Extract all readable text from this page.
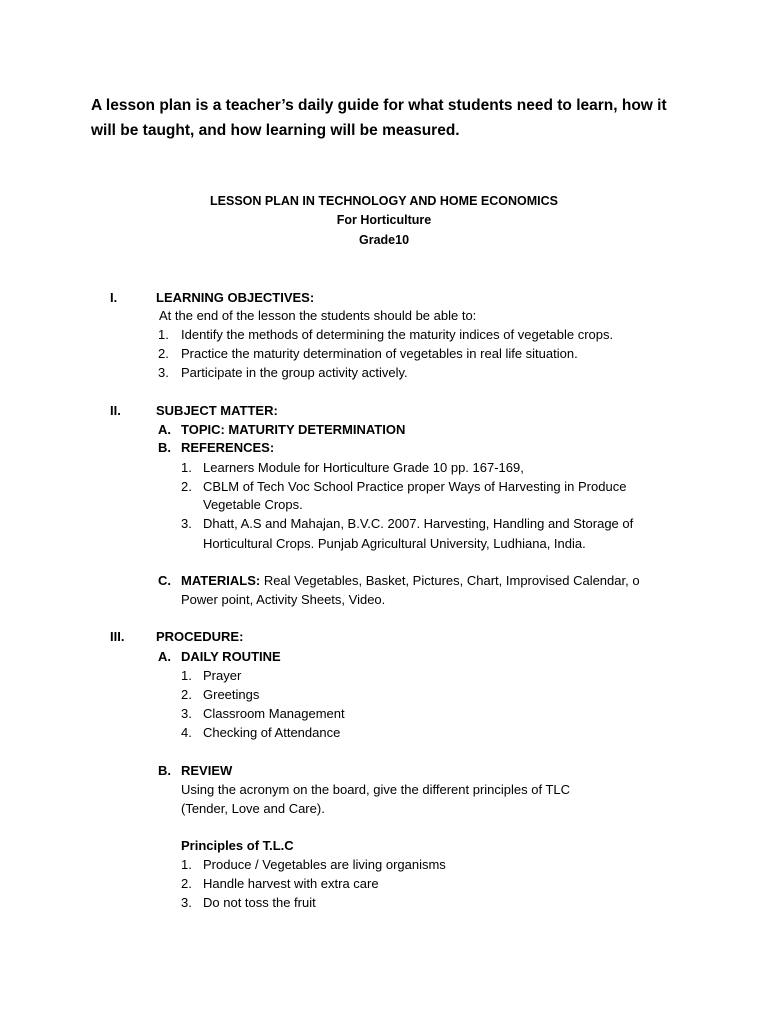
A lesson plan is a teacher’s daily guide for what students need to learn, how it will be taught, and how learning will be measured.
LESSON PLAN IN TECHNOLOGY AND HOME ECONOMICS
For Horticulture
Grade10
I.	LEARNING OBJECTIVES:
At the end of the lesson the students should be able to:
1. Identify the methods of determining the maturity indices of vegetable crops.
2. Practice the maturity determination of vegetables in real life situation.
3. Participate in the group activity actively.
II.	SUBJECT MATTER:
A. TOPIC: MATURITY DETERMINATION
B. REFERENCES:
1. Learners Module for Horticulture Grade 10 pp. 167-169,
2. CBLM of Tech Voc School Practice proper Ways of Harvesting in Produce
Vegetable Crops.
3. Dhatt, A.S and Mahajan, B.V.C. 2007. Harvesting, Handling and Storage of
Horticultural Crops. Punjab Agricultural University, Ludhiana, India.
C. MATERIALS: Real Vegetables, Basket, Pictures, Chart, Improvised Calendar, o
Power point, Activity Sheets, Video.
III. PROCEDURE:
A. DAILY ROUTINE
1. Prayer
2. Greetings
3. Classroom Management
4. Checking of Attendance
B. REVIEW
Using the acronym on the board, give the different principles of TLC
(Tender, Love and Care).
Principles of T.L.C
1. Produce / Vegetables are living organisms
2. Handle harvest with extra care
3. Do not toss the fruit
